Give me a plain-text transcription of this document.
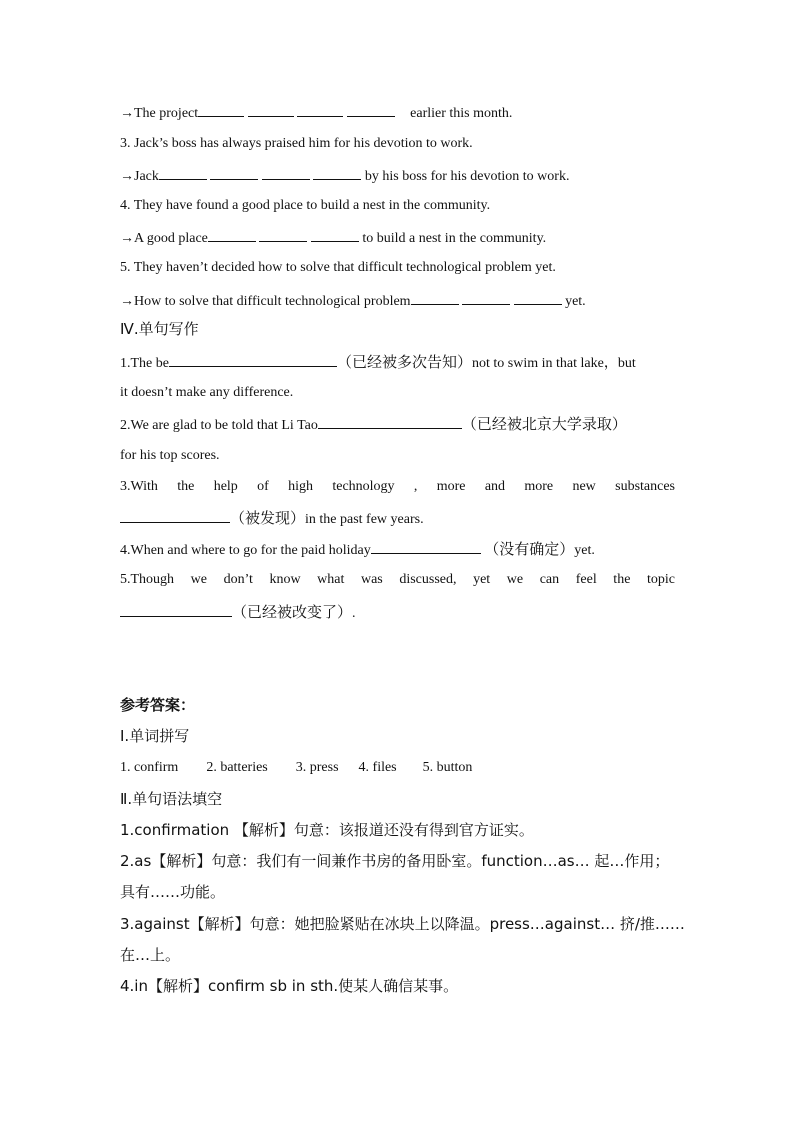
→The project	earlier this month.
3. Jack’s boss has always praised him for his devotion to work.
→Jack	by his boss for his devotion to work.
4. They have found a good place to build a nest in the community.
→A good place	to build a nest in the community.
5. They haven’t decided how to solve that difficult technological problem yet.
→How to solve that difficult technological problem	yet.
Ⅳ.单句写作
1.The be	（已经被多次告知）not to swim in that lake，but
it doesn’t make any difference.
2.We are glad to be told that Li Tao	（已经被北京大学录取）
for his top scores.
3.With the help of high technology , more and more new substances
（被发现）in the past few years.
4.When and where to go for the paid holiday	（没有确定）yet.
5.Though we don’t know what was discussed, yet we can feel the topic
（已经被改变了）.
参考答案：
Ⅰ.单词拼写
1. confirm 2. batteries 3. press 4. files 5. button
Ⅱ.单句语法填空
1.confirmation 【解析】句意：该报道还没有得到官方证实。
2.as【解析】句意：我们有一间兼作书房的备用卧室。function…as… 起…作用；
具有……功能。
3.against【解析】句意：她把脸紧贴在冰块上以降温。press…against… 挤/推……
在…上。
4.in【解析】confirm sb in sth.使某人确信某事。
